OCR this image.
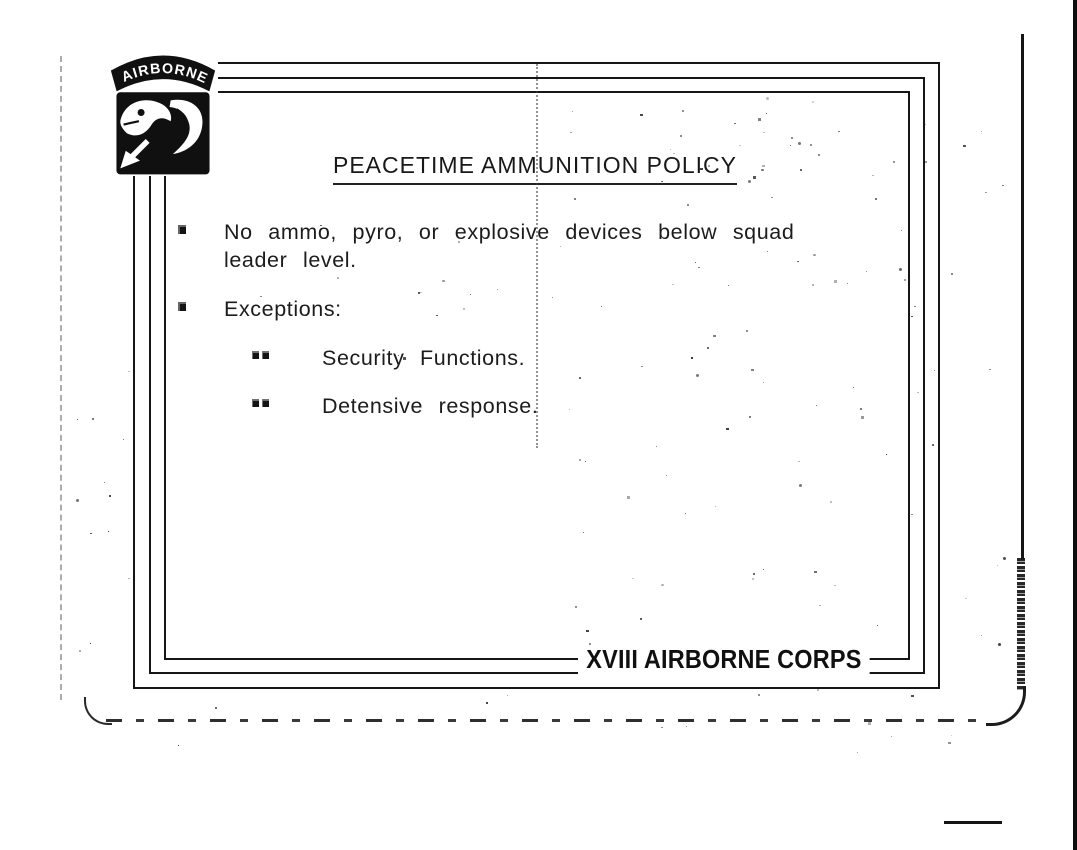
AIRBORNE
PEACETIME AMMUNITION POLICY
No ammo, pyro, or explosive devices below squad leader level.
Exceptions:
Security Functions.
Detensive response.
XVIII AIRBORNE CORPS
